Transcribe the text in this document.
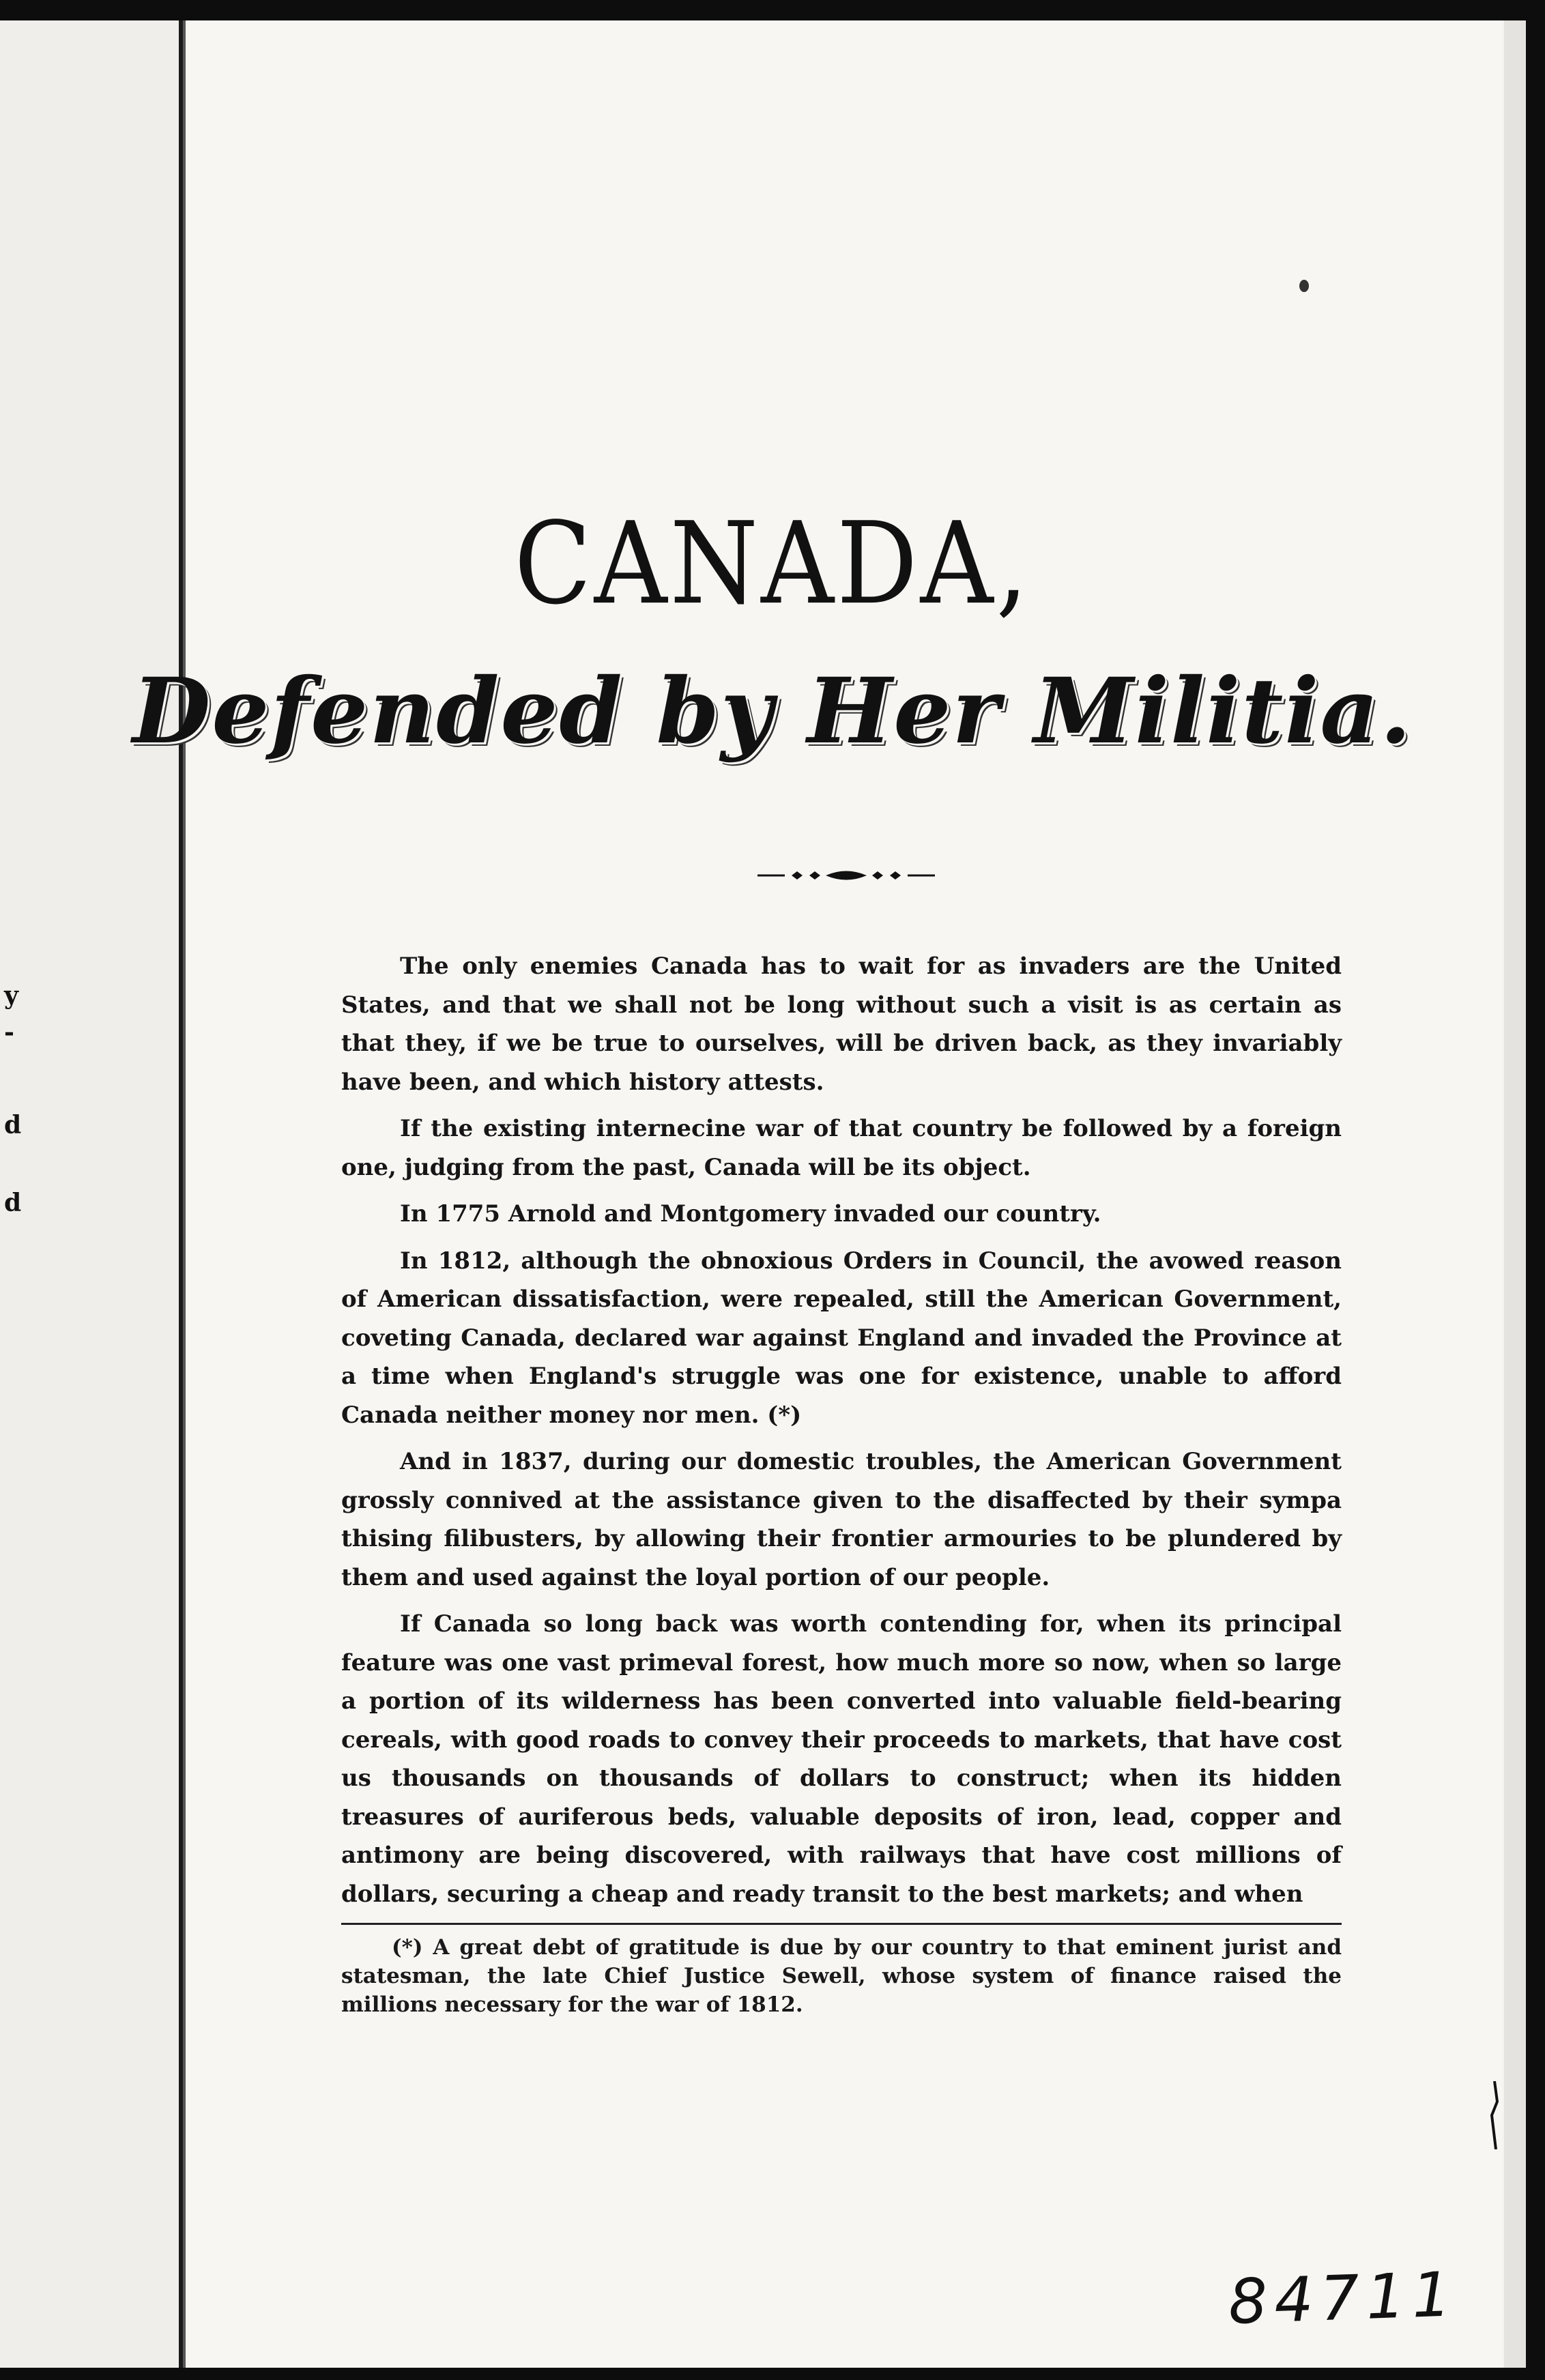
y
-
d
d
CANADA,
Defended by Her Militia.

The only enemies Canada has to wait for as invaders are the United States, and that we shall not be long without such a visit is as certain as that they, if we be true to ourselves, will be driven back, as they invariably have been, and which history attests.

If the existing internecine war of that country be followed by a foreign one, judging from the past, Canada will be its object.

In 1775 Arnold and Montgomery invaded our country.

In 1812, although the obnoxious Orders in Council, the avowed reason of American dissatisfaction, were repealed, still the American Government, coveting Canada, declared war against England and invaded the Province at a time when England's struggle was one for existence, unable to afford Canada neither money nor men. (*)

And in 1837, during our domestic troubles, the American Government grossly connived at the assistance given to the disaffected by their sympa thising filibusters, by allowing their frontier armouries to be plundered by them and used against the loyal portion of our people.

If Canada so long back was worth contending for, when its principal feature was one vast primeval forest, how much more so now, when so large a portion of its wilderness has been converted into valuable field-bearing cereals, with good roads to convey their proceeds to markets, that have cost us thousands on thousands of dollars to construct; when its hidden treasures of auriferous beds, valuable deposits of iron, lead, copper and antimony are being discovered, with railways that have cost millions of dollars, securing a cheap and ready transit to the best markets; and when

(*) A great debt of gratitude is due by our country to that eminent jurist and statesman, the late Chief Justice Sewell, whose system of finance raised the millions necessary for the war of 1812.
84711
